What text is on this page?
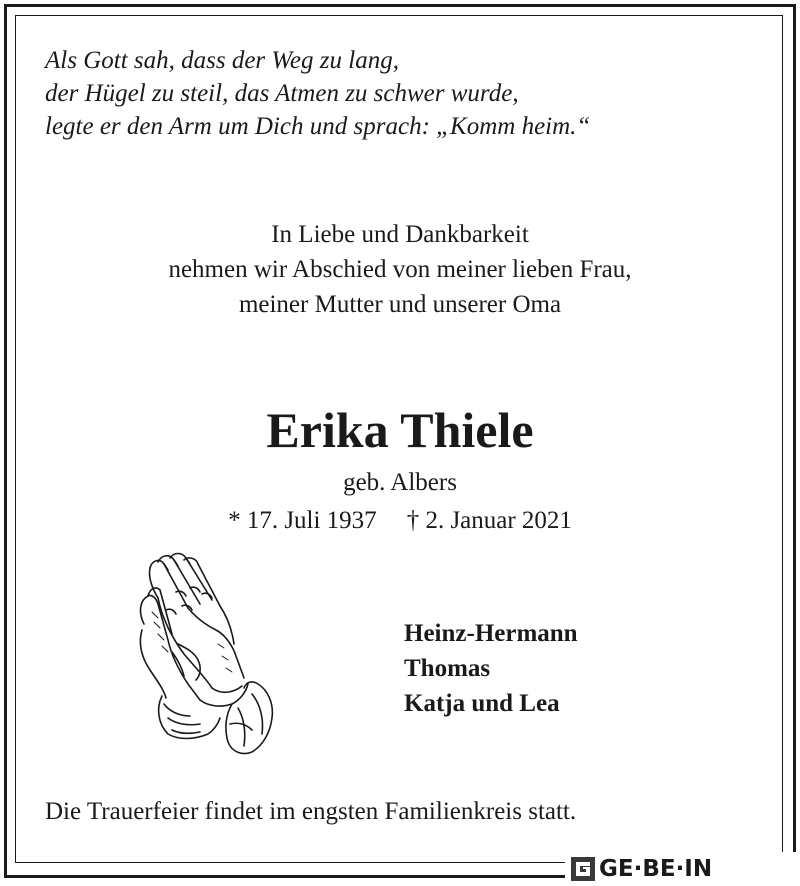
Als Gott sah, dass der Weg zu lang,
der Hügel zu steil, das Atmen zu schwer wurde,
legte er den Arm um Dich und sprach: „Komm heim.“
In Liebe und Dankbarkeit
nehmen wir Abschied von meiner lieben Frau,
meiner Mutter und unserer Oma
Erika Thiele
geb. Albers
* 17. Juli 1937 † 2. Januar 2021
Heinz-Hermann
Thomas
Katja und Lea
Die Trauerfeier findet im engsten Familienkreis statt.
GE·BE·IN
